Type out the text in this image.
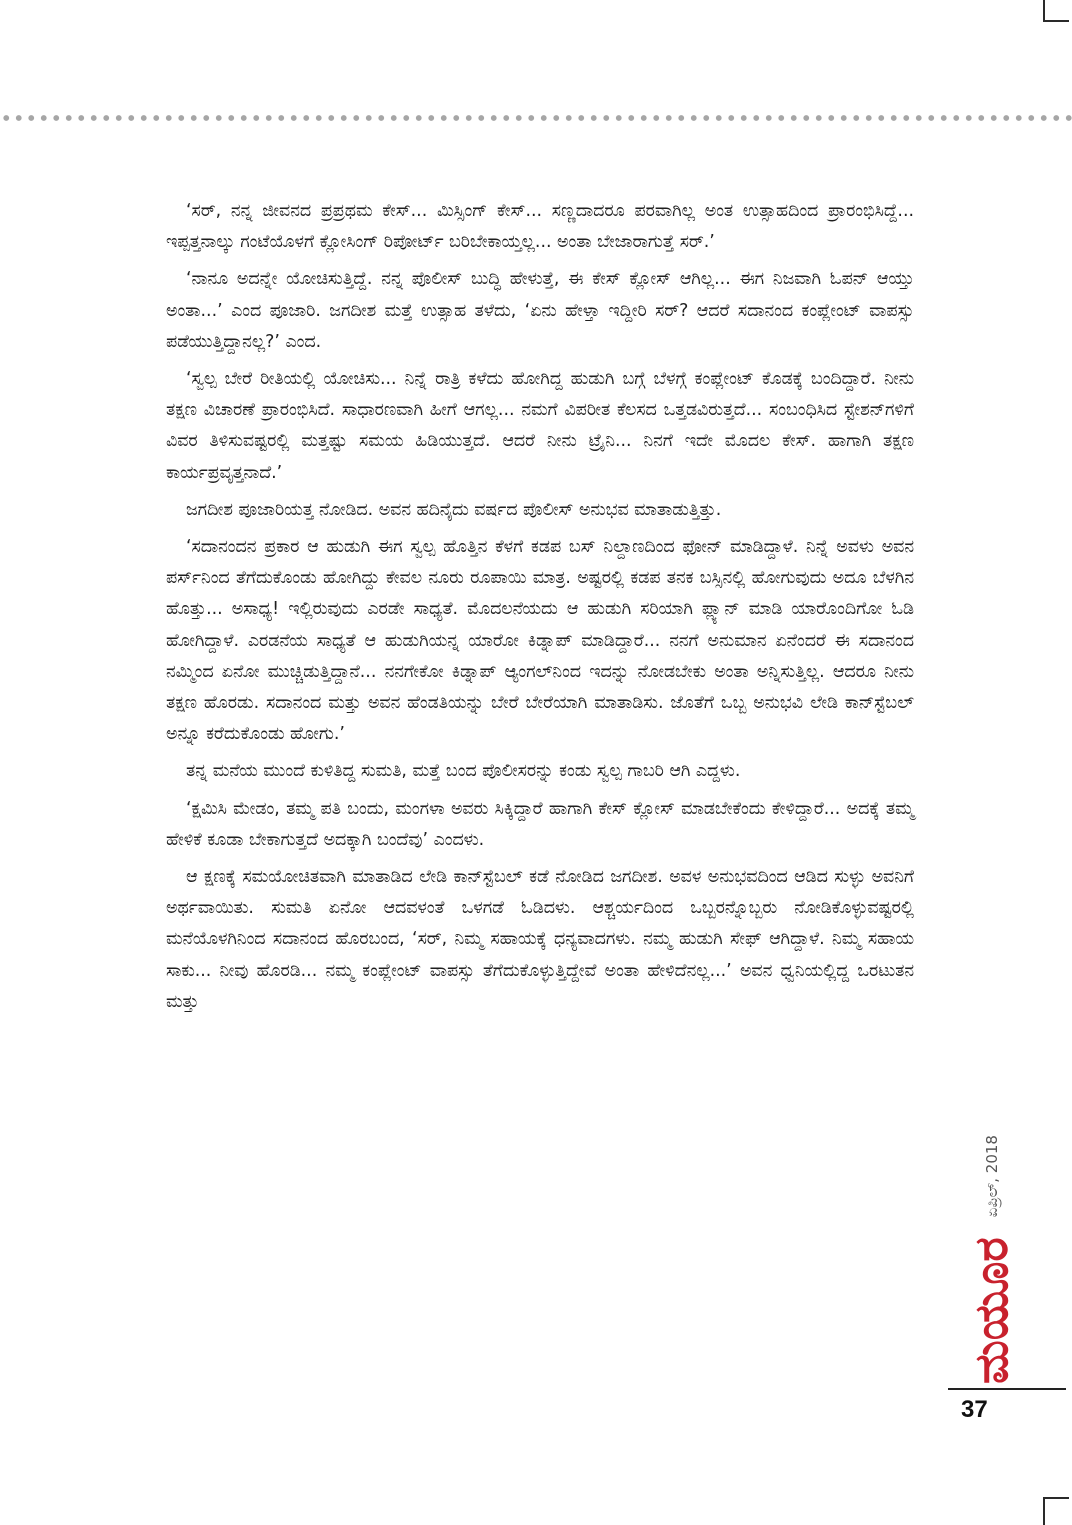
‘ಸರ್, ನನ್ನ ಜೀವನದ ಪ್ರಪ್ರಥಮ ಕೇಸ್... ಮಿಸ್ಸಿಂಗ್ ಕೇಸ್... ಸಣ್ಣದಾದರೂ ಪರವಾಗಿಲ್ಲ ಅಂತ ಉತ್ಸಾಹದಿಂದ ಪ್ರಾರಂಭಿಸಿದ್ದೆ... ಇಪ್ಪತ್ತನಾಲ್ಕು ಗಂಟೆಯೊಳಗೆ ಕ್ಲೋಸಿಂಗ್ ರಿಪೋರ್ಟ್ ಬರಿಬೇಕಾಯ್ತಲ್ಲ... ಅಂತಾ ಬೇಜಾರಾಗುತ್ತೆ ಸರ್.’

‘ನಾನೂ ಅದನ್ನೇ ಯೋಚಿಸುತ್ತಿದ್ದೆ. ನನ್ನ ಪೊಲೀಸ್ ಬುದ್ಧಿ ಹೇಳುತ್ತೆ, ಈ ಕೇಸ್ ಕ್ಲೋಸ್ ಆಗಿಲ್ಲ... ಈಗ ನಿಜವಾಗಿ ಓಪನ್ ಆಯ್ತು ಅಂತಾ...’ ಎಂದ ಪೂಜಾರಿ. ಜಗದೀಶ ಮತ್ತೆ ಉತ್ಸಾಹ ತಳೆದು, ‘ಏನು ಹೇಳ್ತಾ ಇದ್ದೀರಿ ಸರ್? ಆದರೆ ಸದಾನಂದ ಕಂಪ್ಲೇಂಟ್ ವಾಪಸ್ಸು ಪಡೆಯುತ್ತಿದ್ದಾನಲ್ಲ?’ ಎಂದ.

‘ಸ್ವಲ್ಪ ಬೇರೆ ರೀತಿಯಲ್ಲಿ ಯೋಚಿಸು... ನಿನ್ನೆ ರಾತ್ರಿ ಕಳೆದು ಹೋಗಿದ್ದ ಹುಡುಗಿ ಬಗ್ಗೆ ಬೆಳಗ್ಗೆ ಕಂಪ್ಲೇಂಟ್ ಕೊಡಕ್ಕೆ ಬಂದಿದ್ದಾರೆ. ನೀನು ತಕ್ಷಣ ವಿಚಾರಣೆ ಪ್ರಾರಂಭಿಸಿದೆ. ಸಾಧಾರಣವಾಗಿ ಹೀಗೆ ಆಗಲ್ಲ... ನಮಗೆ ವಿಪರೀತ ಕೆಲಸದ ಒತ್ತಡವಿರುತ್ತದೆ... ಸಂಬಂಧಿಸಿದ ಸ್ಟೇಶನ್‌ಗಳಿಗೆ ವಿವರ ತಿಳಿಸುವಷ್ಟರಲ್ಲಿ ಮತ್ತಷ್ಟು ಸಮಯ ಹಿಡಿಯುತ್ತದೆ. ಆದರೆ ನೀನು ಟ್ರೈನಿ... ನಿನಗೆ ಇದೇ ಮೊದಲ ಕೇಸ್. ಹಾಗಾಗಿ ತಕ್ಷಣ ಕಾರ್ಯಪ್ರವೃತ್ತನಾದೆ.’

ಜಗದೀಶ ಪೂಜಾರಿಯತ್ತ ನೋಡಿದ. ಅವನ ಹದಿನೈದು ವರ್ಷದ ಪೊಲೀಸ್ ಅನುಭವ ಮಾತಾಡುತ್ತಿತ್ತು.

‘ಸದಾನಂದನ ಪ್ರಕಾರ ಆ ಹುಡುಗಿ ಈಗ ಸ್ವಲ್ಪ ಹೊತ್ತಿನ ಕೆಳಗೆ ಕಡಪ ಬಸ್ ನಿಲ್ದಾಣದಿಂದ ಫೋನ್ ಮಾಡಿದ್ದಾಳೆ. ನಿನ್ನೆ ಅವಳು ಅವನ ಪರ್ಸ್‌ನಿಂದ ತೆಗೆದುಕೊಂಡು ಹೋಗಿದ್ದು ಕೇವಲ ನೂರು ರೂಪಾಯಿ ಮಾತ್ರ. ಅಷ್ಟರಲ್ಲಿ ಕಡಪ ತನಕ ಬಸ್ಸಿನಲ್ಲಿ ಹೋಗುವುದು ಅದೂ ಬೆಳಗಿನ ಹೊತ್ತು... ಅಸಾಧ್ಯ! ಇಲ್ಲಿರುವುದು ಎರಡೇ ಸಾಧ್ಯತೆ. ಮೊದಲನೆಯದು ಆ ಹುಡುಗಿ ಸರಿಯಾಗಿ ಪ್ಲ್ಯಾನ್ ಮಾಡಿ ಯಾರೊಂದಿಗೋ ಓಡಿ ಹೋಗಿದ್ದಾಳೆ. ಎರಡನೆಯ ಸಾಧ್ಯತೆ ಆ ಹುಡುಗಿಯನ್ನ ಯಾರೋ ಕಿಡ್ನಾಪ್ ಮಾಡಿದ್ದಾರೆ... ನನಗೆ ಅನುಮಾನ ಏನೆಂದರೆ ಈ ಸದಾನಂದ ನಮ್ಮಿಂದ ಏನೋ ಮುಚ್ಚಿಡುತ್ತಿದ್ದಾನೆ... ನನಗೇಕೋ ಕಿಡ್ನಾಪ್ ಆ್ಯಂಗಲ್‌ನಿಂದ ಇದನ್ನು ನೋಡಬೇಕು ಅಂತಾ ಅನ್ನಿಸುತ್ತಿಲ್ಲ. ಆದರೂ ನೀನು ತಕ್ಷಣ ಹೊರಡು. ಸದಾನಂದ ಮತ್ತು ಅವನ ಹೆಂಡತಿಯನ್ನು ಬೇರೆ ಬೇರೆಯಾಗಿ ಮಾತಾಡಿಸು. ಜೊತೆಗೆ ಒಬ್ಬ ಅನುಭವಿ ಲೇಡಿ ಕಾನ್‌ಸ್ಟೆಬಲ್ ಅನ್ನೂ ಕರೆದುಕೊಂಡು ಹೋಗು.’

ತನ್ನ ಮನೆಯ ಮುಂದೆ ಕುಳಿತಿದ್ದ ಸುಮತಿ, ಮತ್ತೆ ಬಂದ ಪೊಲೀಸರನ್ನು ಕಂಡು ಸ್ವಲ್ಪ ಗಾಬರಿ ಆಗಿ ಎದ್ದಳು.

‘ಕ್ಷಮಿಸಿ ಮೇಡಂ, ತಮ್ಮ ಪತಿ ಬಂದು, ಮಂಗಳಾ ಅವರು ಸಿಕ್ಕಿದ್ದಾರೆ ಹಾಗಾಗಿ ಕೇಸ್ ಕ್ಲೋಸ್ ಮಾಡಬೇಕೆಂದು ಕೇಳಿದ್ದಾರೆ... ಅದಕ್ಕೆ ತಮ್ಮ ಹೇಳಿಕೆ ಕೂಡಾ ಬೇಕಾಗುತ್ತದೆ ಅದಕ್ಕಾಗಿ ಬಂದೆವು’ ಎಂದಳು.

ಆ ಕ್ಷಣಕ್ಕೆ ಸಮಯೋಚಿತವಾಗಿ ಮಾತಾಡಿದ ಲೇಡಿ ಕಾನ್‌ಸ್ಟೆಬಲ್ ಕಡೆ ನೋಡಿದ ಜಗದೀಶ. ಅವಳ ಅನುಭವದಿಂದ ಆಡಿದ ಸುಳ್ಳು ಅವನಿಗೆ ಅರ್ಥವಾಯಿತು. ಸುಮತಿ ಏನೋ ಆದವಳಂತೆ ಒಳಗಡೆ ಓಡಿದಳು. ಆಶ್ಚರ್ಯದಿಂದ ಒಬ್ಬರನ್ನೊಬ್ಬರು ನೋಡಿಕೊಳ್ಳುವಷ್ಟರಲ್ಲಿ ಮನೆಯೊಳಗಿನಿಂದ ಸದಾನಂದ ಹೊರಬಂದ, ‘ಸರ್, ನಿಮ್ಮ ಸಹಾಯಕ್ಕೆ ಧನ್ಯವಾದಗಳು. ನಮ್ಮ ಹುಡುಗಿ ಸೇಫ್ ಆಗಿದ್ದಾಳೆ. ನಿಮ್ಮ ಸಹಾಯ ಸಾಕು... ನೀವು ಹೊರಡಿ... ನಮ್ಮ ಕಂಪ್ಲೇಂಟ್ ವಾಪಸ್ಸು ತೆಗೆದುಕೊಳ್ಳುತ್ತಿದ್ದೇವೆ ಅಂತಾ ಹೇಳಿದೆನಲ್ಲ...’ ಅವನ ಧ್ವನಿಯಲ್ಲಿದ್ದ ಒರಟುತನ ಮತ್ತು

ಮಯೂರ
ಏಪ್ರಿಲ್, 2018
37
